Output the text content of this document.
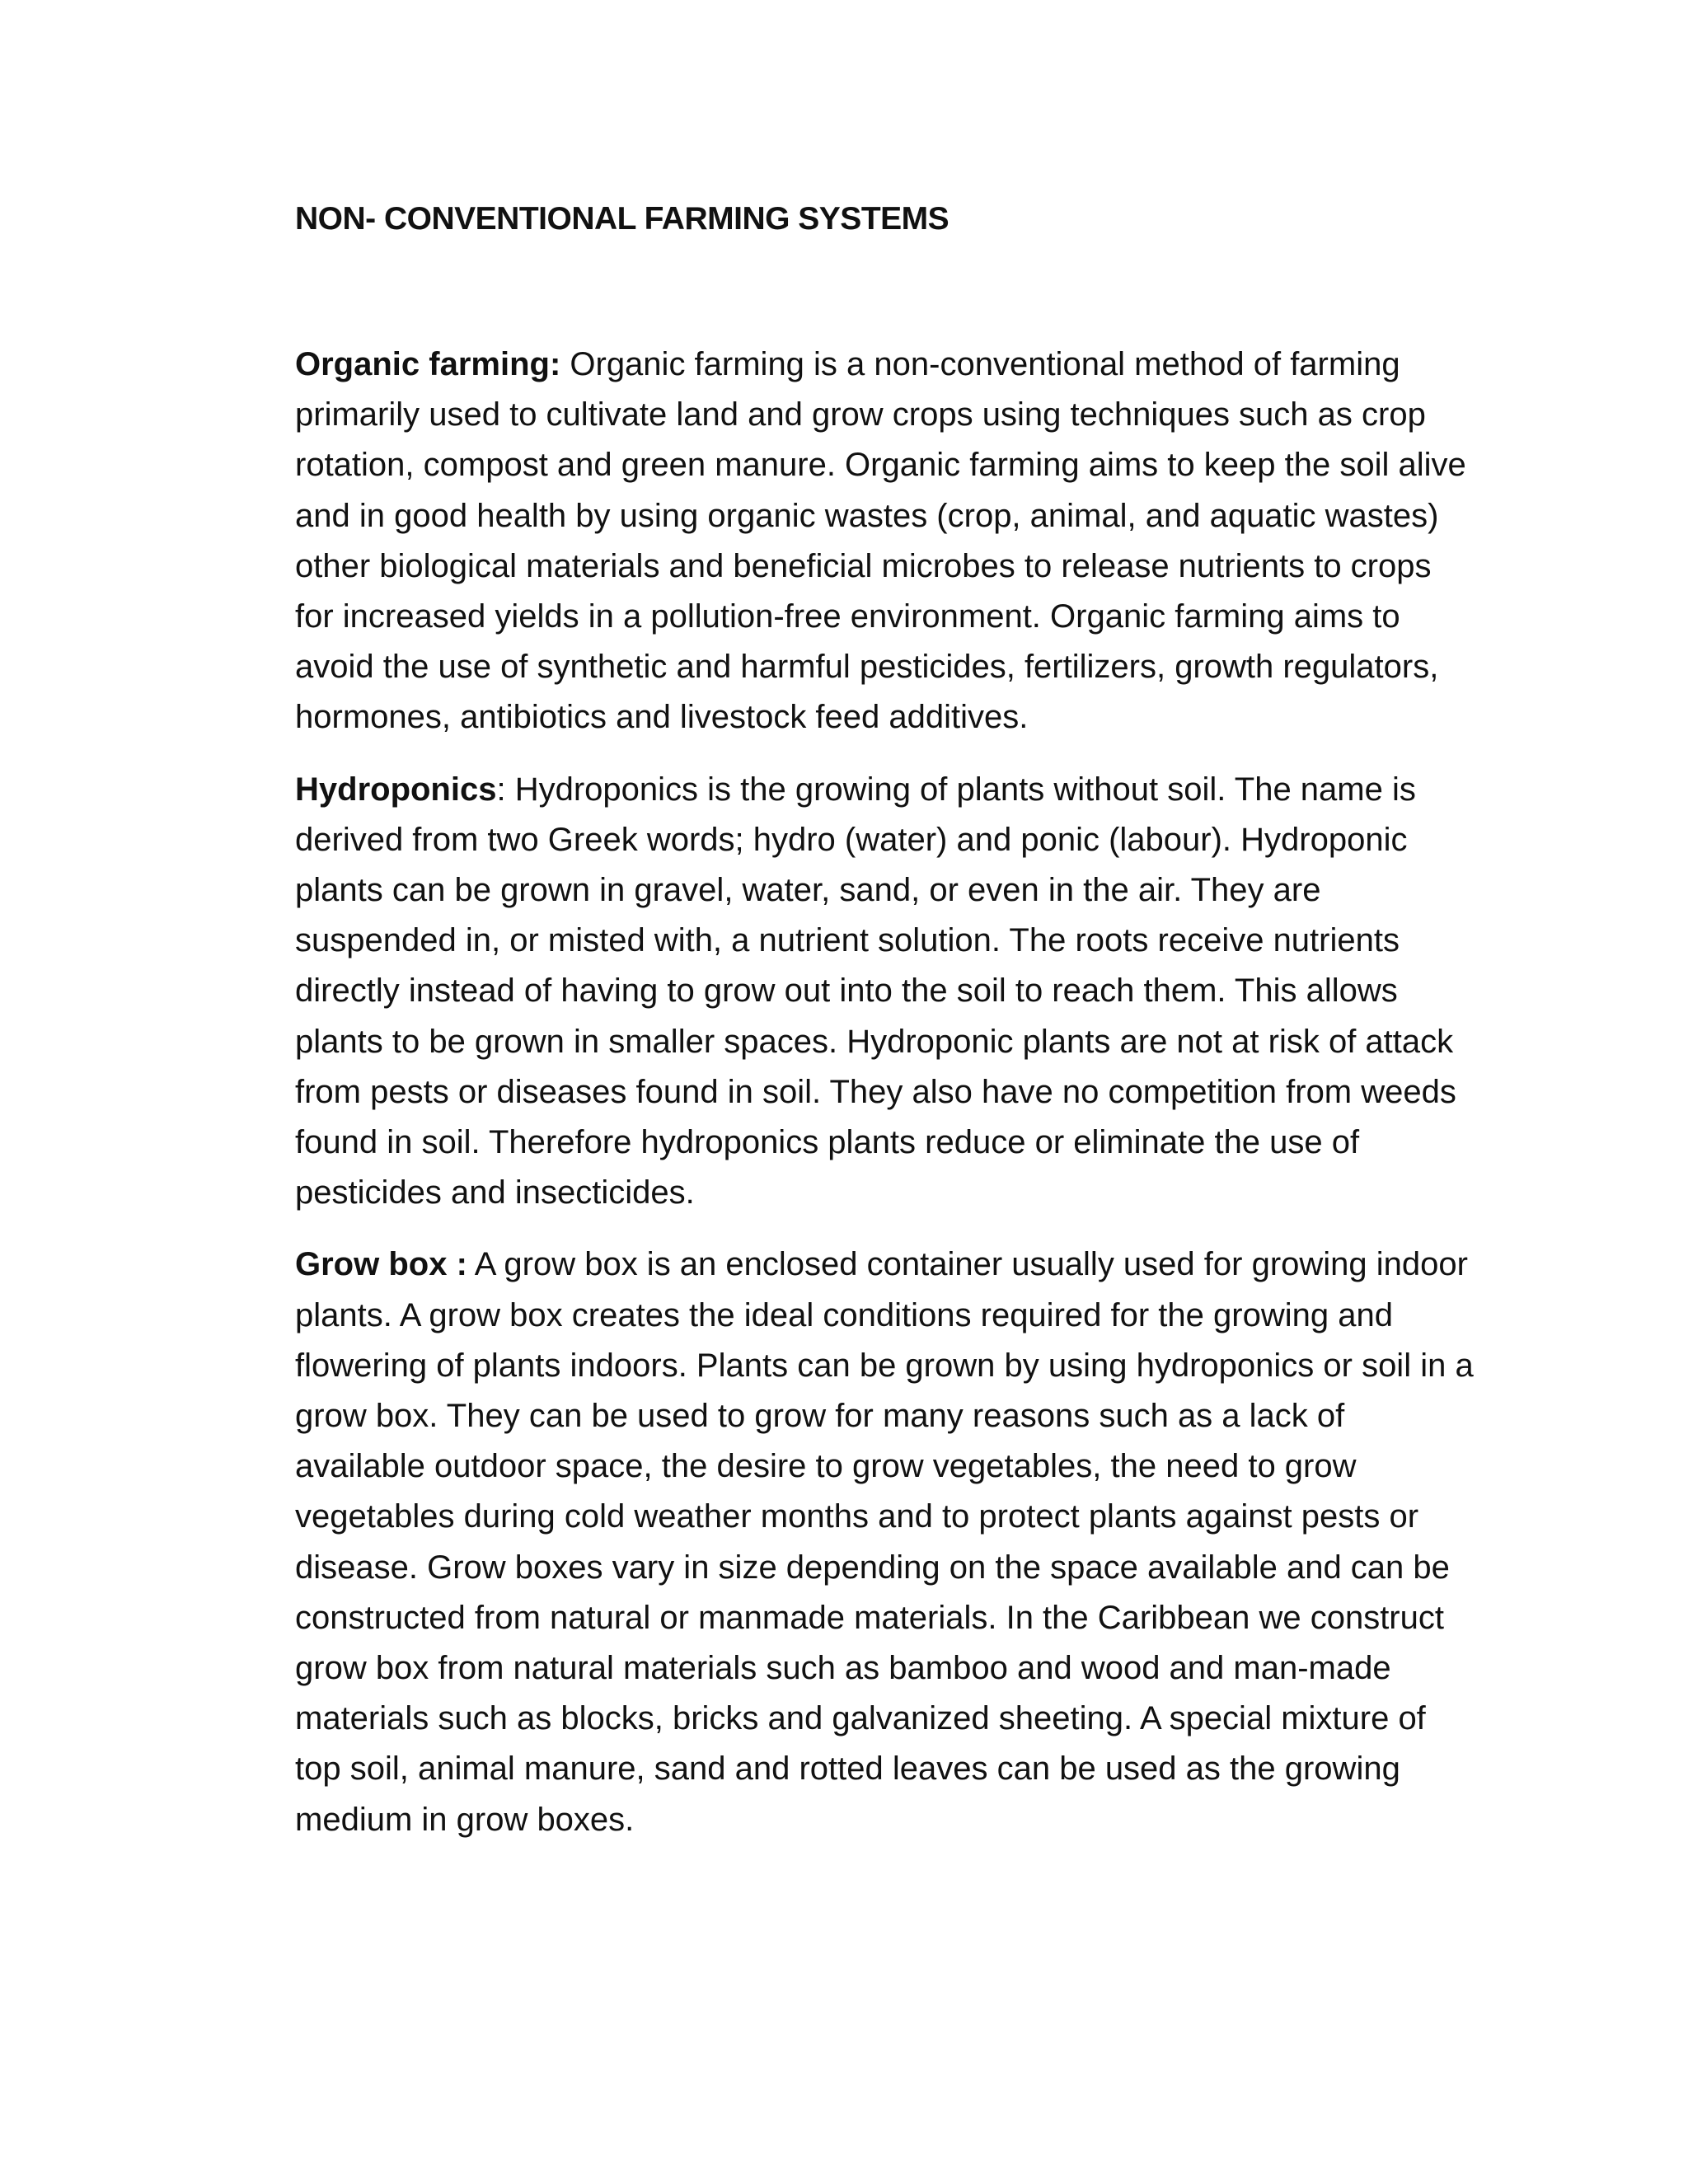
NON- CONVENTIONAL FARMING SYSTEMS

Organic farming: Organic farming is a non-conventional method of farming primarily used to cultivate land and grow crops using techniques such as crop rotation, compost and green manure. Organic farming aims to keep the soil alive and in good health by using organic wastes (crop, animal, and aquatic wastes) other biological materials and beneficial microbes to release nutrients to crops for increased yields in a pollution-free environment. Organic farming aims to avoid the use of synthetic and harmful pesticides, fertilizers, growth regulators, hormones, antibiotics and livestock feed additives.

Hydroponics: Hydroponics is the growing of plants without soil. The name is derived from two Greek words; hydro (water) and ponic (labour). Hydroponic plants can be grown in gravel, water, sand, or even in the air. They are suspended in, or misted with, a nutrient solution. The roots receive nutrients directly instead of having to grow out into the soil to reach them. This allows plants to be grown in smaller spaces. Hydroponic plants are not at risk of attack from pests or diseases found in soil. They also have no competition from weeds found in soil. Therefore hydroponics plants reduce or eliminate the use of pesticides and insecticides.

Grow box : A grow box is an enclosed container usually used for growing indoor plants. A grow box creates the ideal conditions required for the growing and flowering of plants indoors. Plants can be grown by using hydroponics or soil in a grow box. They can be used to grow for many reasons such as a lack of available outdoor space, the desire to grow vegetables, the need to grow vegetables during cold weather months and to protect plants against pests or disease. Grow boxes vary in size depending on the space available and can be constructed from natural or manmade materials. In the Caribbean we construct grow box from natural materials such as bamboo and wood and man-made materials such as blocks, bricks and galvanized sheeting. A special mixture of top soil, animal manure, sand and rotted leaves can be used as the growing medium in grow boxes.
